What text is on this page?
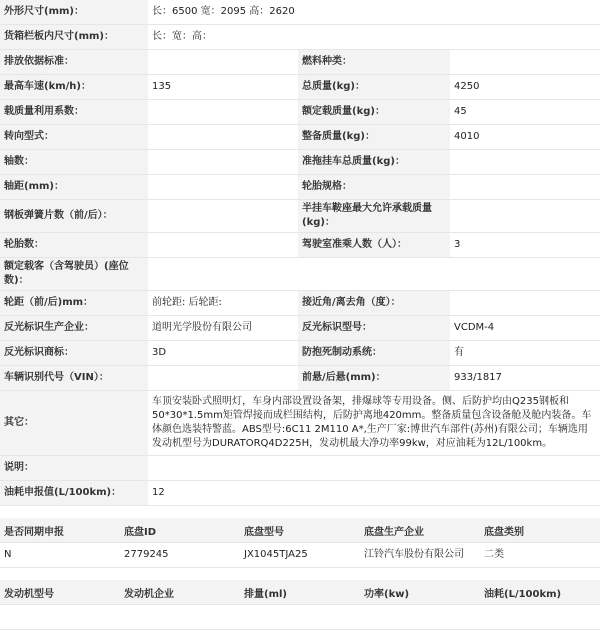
外形尺寸(mm)：	长：6500 宽：2095 高：2620		
货箱栏板内尺寸(mm)：	长：宽：高：		
排放依据标准：		燃料种类：	
最高车速(km/h)：	135	总质量(kg)：	4250
载质量利用系数：		额定载质量(kg)：	45
转向型式：		整备质量(kg)：	4010
轴数：		准拖挂车总质量(kg)：	
轴距(mm)：		轮胎规格：	
钢板弹簧片数（前/后）：		半挂车鞍座最大允许承载质量(kg)：	
轮胎数：		驾驶室准乘人数（人）：	3
额定载客（含驾驶员）(座位数)：			
轮距（前/后)mm：	前轮距: 后轮距:	接近角/离去角（度）：	
反光标识生产企业：	道明光学股份有限公司	反光标识型号：	VCDM-4
反光标识商标：	3D	防抱死制动系统：	有
车辆识别代号（VIN）：		前悬/后悬(mm)：	933/1817
其它：	车顶安装卧式照明灯，车身内部设置设备架，排爆球等专用设备。侧、后防护均由Q235钢板和50*30*1.5mm矩管焊接而成栏围结构，后防护离地420mm。整备质量包含设备舱及舱内装备。车体颜色选装特警蓝。ABS型号:6C11 2M110 A*,生产厂家:博世汽车部件(苏州)有限公司；车辆选用发动机型号为DURATORQ4D225H，发动机最大净功率99kw，对应油耗为12L/100km。		
说明：			
油耗申报值(L/100km)：	12		
是否同期申报	底盘ID	底盘型号	底盘生产企业	底盘类别
N	2779245	JX1045TJA25	江铃汽车股份有限公司	二类
发动机型号	发动机企业	排量(ml)	功率(kw)	油耗(L/100km)
